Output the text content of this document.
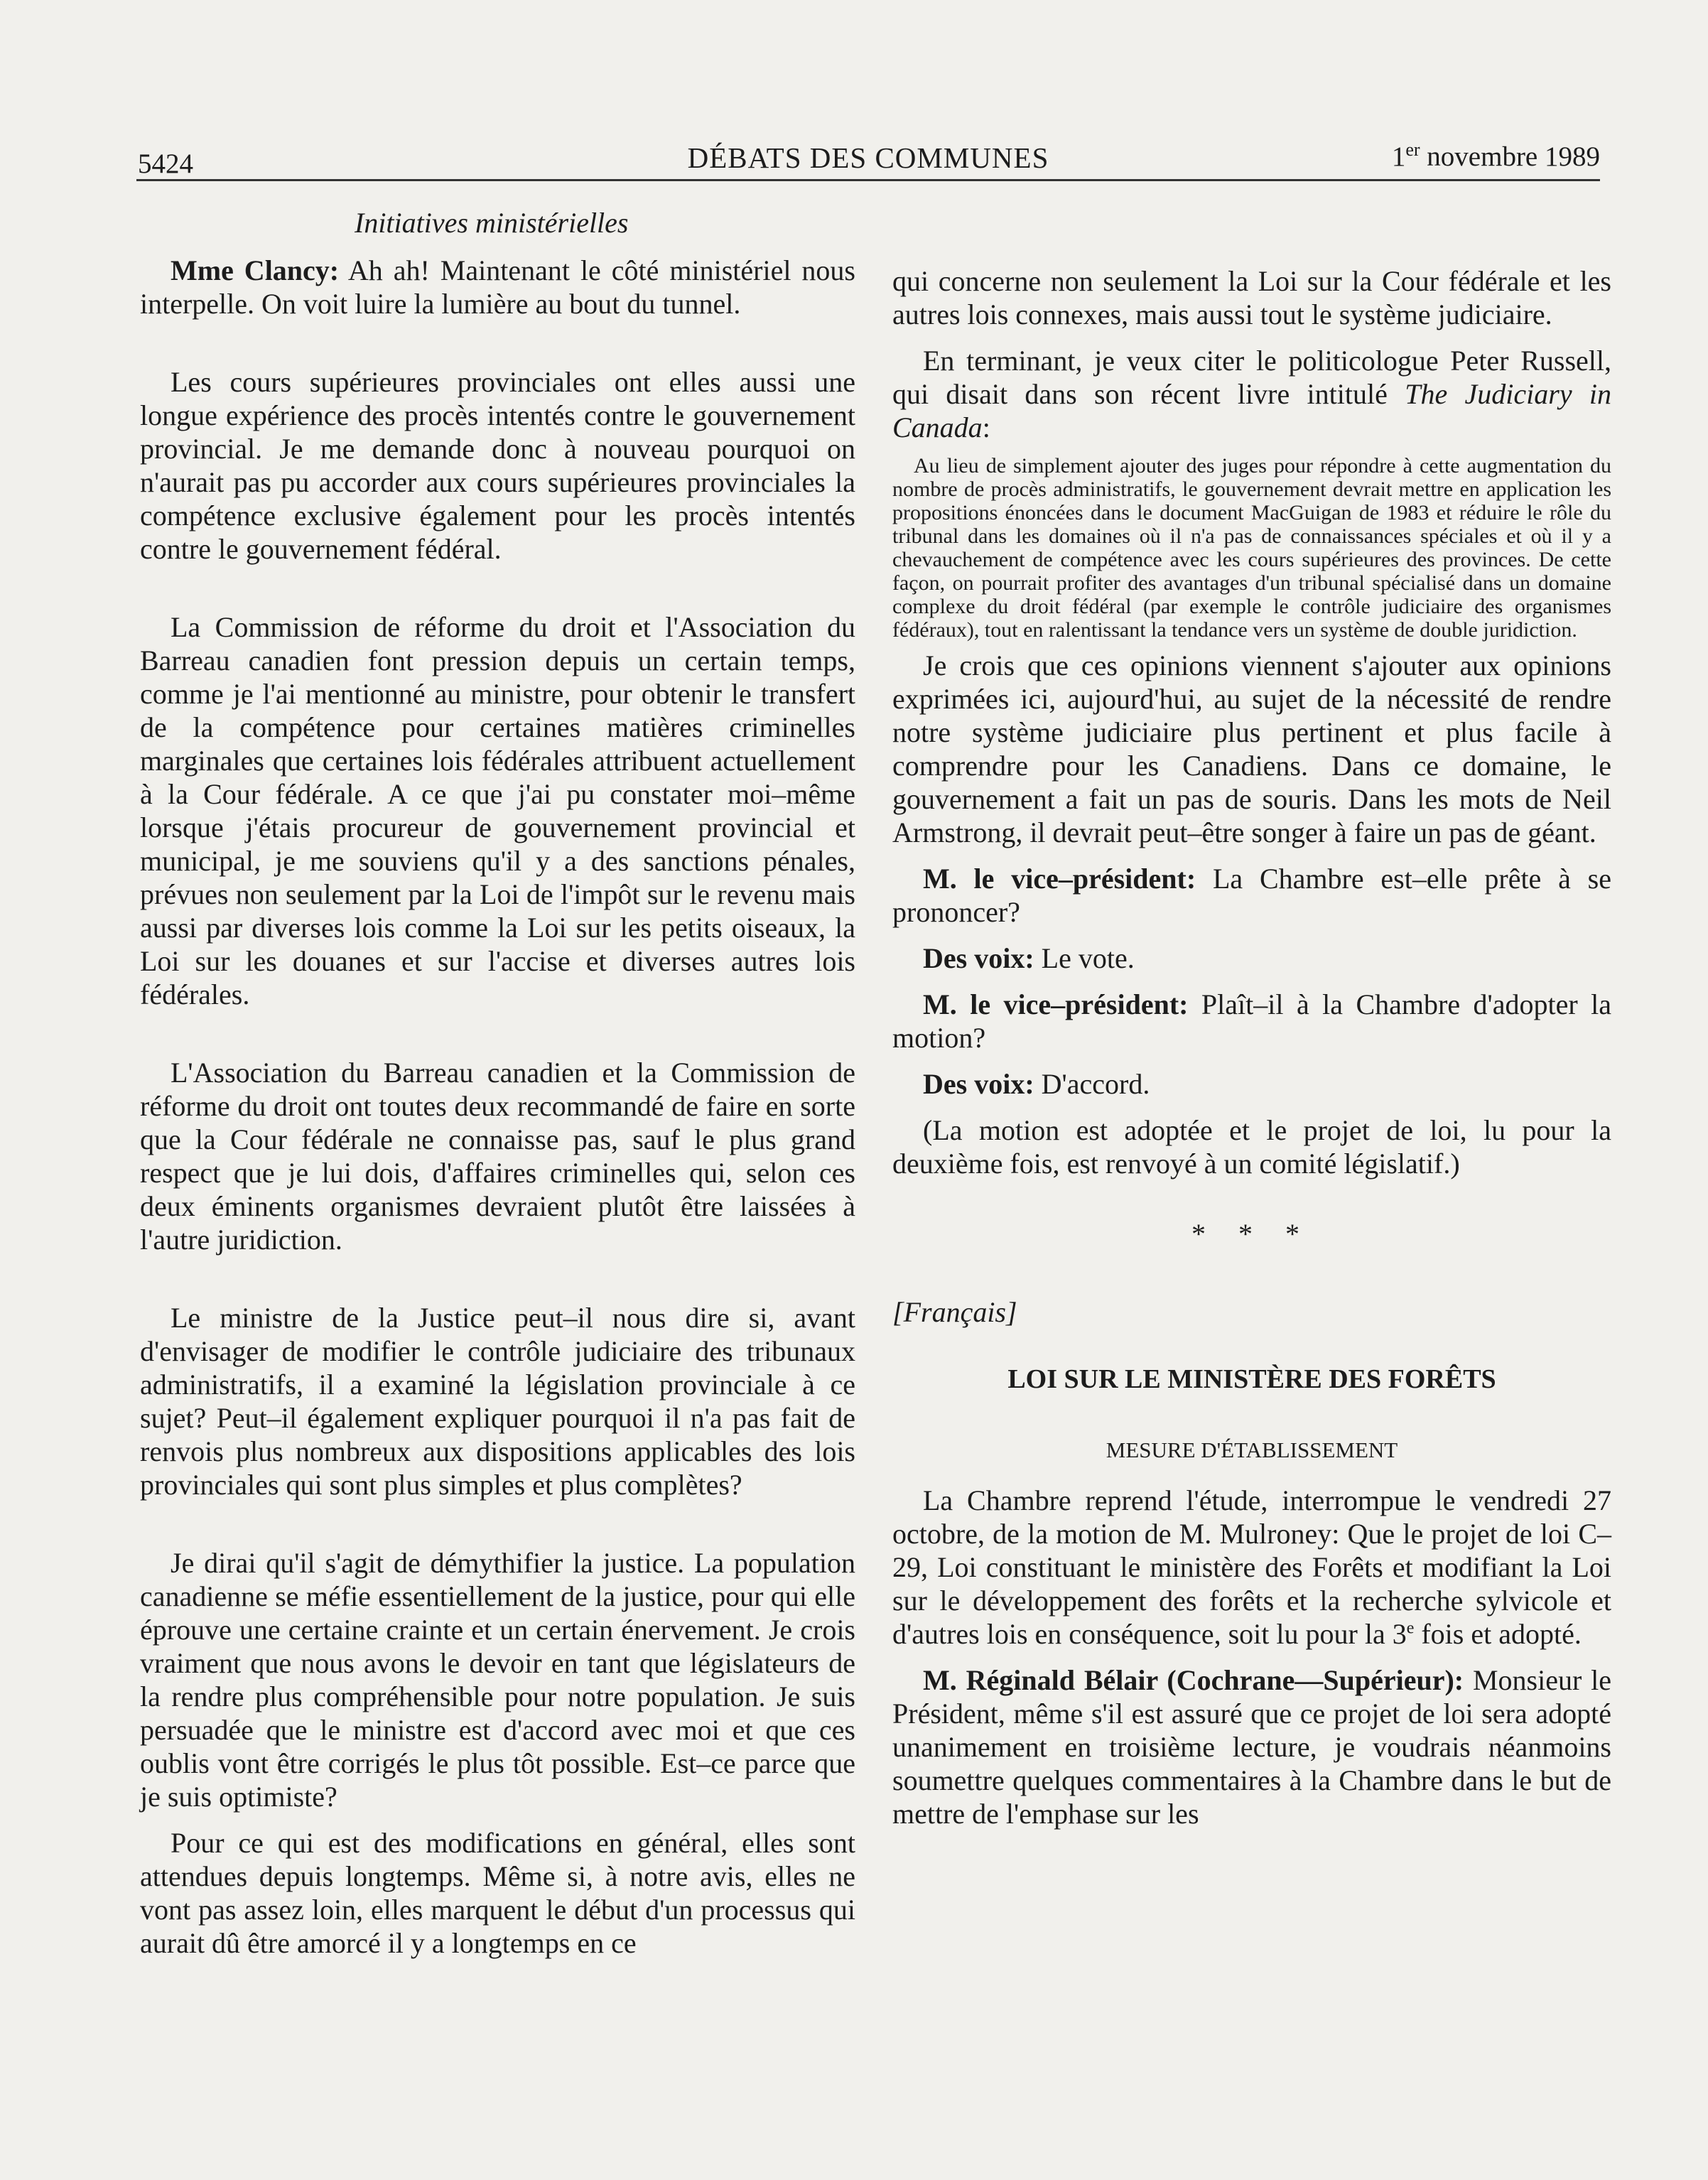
5424	DÉBATS DES COMMUNES	1er novembre 1989

Initiatives ministérielles

Mme Clancy: Ah ah! Maintenant le côté ministériel nous interpelle. On voit luire la lumière au bout du tunnel.

Les cours supérieures provinciales ont elles aussi une longue expérience des procès intentés contre le gouvernement provincial. Je me demande donc à nouveau pourquoi on n'aurait pas pu accorder aux cours supérieures provinciales la compétence exclusive également pour les procès intentés contre le gouvernement fédéral.

La Commission de réforme du droit et l'Association du Barreau canadien font pression depuis un certain temps, comme je l'ai mentionné au ministre, pour obtenir le transfert de la compétence pour certaines matières criminelles marginales que certaines lois fédérales attribuent actuellement à la Cour fédérale. A ce que j'ai pu constater moi–même lorsque j'étais procureur de gouvernement provincial et municipal, je me souviens qu'il y a des sanctions pénales, prévues non seulement par la Loi de l'impôt sur le revenu mais aussi par diverses lois comme la Loi sur les petits oiseaux, la Loi sur les douanes et sur l'accise et diverses autres lois fédérales.

L'Association du Barreau canadien et la Commission de réforme du droit ont toutes deux recommandé de faire en sorte que la Cour fédérale ne connaisse pas, sauf le plus grand respect que je lui dois, d'affaires criminelles qui, selon ces deux éminents organismes devraient plutôt être laissées à l'autre juridiction.

Le ministre de la Justice peut–il nous dire si, avant d'envisager de modifier le contrôle judiciaire des tribunaux administratifs, il a examiné la législation provinciale à ce sujet? Peut–il également expliquer pourquoi il n'a pas fait de renvois plus nombreux aux dispositions applicables des lois provinciales qui sont plus simples et plus complètes?

Je dirai qu'il s'agit de démythifier la justice. La population canadienne se méfie essentiellement de la justice, pour qui elle éprouve une certaine crainte et un certain énervement. Je crois vraiment que nous avons le devoir en tant que législateurs de la rendre plus compréhensible pour notre population. Je suis persuadée que le ministre est d'accord avec moi et que ces oublis vont être corrigés le plus tôt possible. Est–ce parce que je suis optimiste?

Pour ce qui est des modifications en général, elles sont attendues depuis longtemps. Même si, à notre avis, elles ne vont pas assez loin, elles marquent le début d'un processus qui aurait dû être amorcé il y a longtemps en ce

qui concerne non seulement la Loi sur la Cour fédérale et les autres lois connexes, mais aussi tout le système judiciaire.

En terminant, je veux citer le politicologue Peter Russell, qui disait dans son récent livre intitulé The Judiciary in Canada:

Au lieu de simplement ajouter des juges pour répondre à cette augmentation du nombre de procès administratifs, le gouvernement devrait mettre en application les propositions énoncées dans le document MacGuigan de 1983 et réduire le rôle du tribunal dans les domaines où il n'a pas de connaissances spéciales et où il y a chevauchement de compétence avec les cours supérieures des provinces. De cette façon, on pourrait profiter des avantages d'un tribunal spécialisé dans un domaine complexe du droit fédéral (par exemple le contrôle judiciaire des organismes fédéraux), tout en ralentissant la tendance vers un système de double juridiction.

Je crois que ces opinions viennent s'ajouter aux opinions exprimées ici, aujourd'hui, au sujet de la nécessité de rendre notre système judiciaire plus pertinent et plus facile à comprendre pour les Canadiens. Dans ce domaine, le gouvernement a fait un pas de souris. Dans les mots de Neil Armstrong, il devrait peut–être songer à faire un pas de géant.

M. le vice–président: La Chambre est–elle prête à se prononcer?

Des voix: Le vote.

M. le vice–président: Plaît–il à la Chambre d'adopter la motion?

Des voix: D'accord.

(La motion est adoptée et le projet de loi, lu pour la deuxième fois, est renvoyé à un comité législatif.)

* * *

[Français]

LOI SUR LE MINISTÈRE DES FORÊTS

MESURE D'ÉTABLISSEMENT

La Chambre reprend l'étude, interrompue le vendredi 27 octobre, de la motion de M. Mulroney: Que le projet de loi C–29, Loi constituant le ministère des Forêts et modifiant la Loi sur le développement des forêts et la recherche sylvicole et d'autres lois en conséquence, soit lu pour la 3e fois et adopté.

M. Réginald Bélair (Cochrane—Supérieur): Monsieur le Président, même s'il est assuré que ce projet de loi sera adopté unanimement en troisième lecture, je voudrais néanmoins soumettre quelques commentaires à la Chambre dans le but de mettre de l'emphase sur les
